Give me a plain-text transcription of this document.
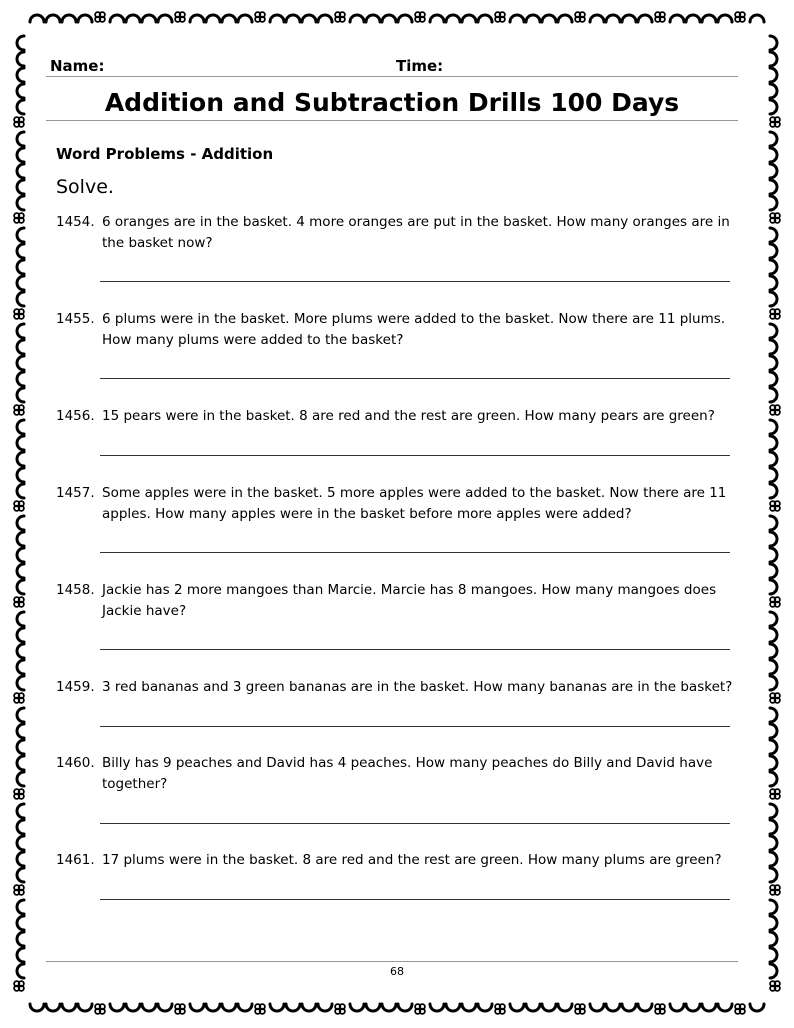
Name:	Time:
Addition and Subtraction Drills 100 Days
Word Problems - Addition
Solve.
1454. 6 oranges are in the basket. 4 more oranges are put in the basket. How many oranges are in the basket now?
1455. 6 plums were in the basket. More plums were added to the basket. Now there are 11 plums. How many plums were added to the basket?
1456. 15 pears were in the basket. 8 are red and the rest are green. How many pears are green?
1457. Some apples were in the basket. 5 more apples were added to the basket. Now there are 11 apples. How many apples were in the basket before more apples were added?
1458. Jackie has 2 more mangoes than Marcie. Marcie has 8 mangoes. How many mangoes does Jackie have?
1459. 3 red bananas and 3 green bananas are in the basket. How many bananas are in the basket?
1460. Billy has 9 peaches and David has 4 peaches. How many peaches do Billy and David have together?
1461. 17 plums were in the basket. 8 are red and the rest are green. How many plums are green?
68
